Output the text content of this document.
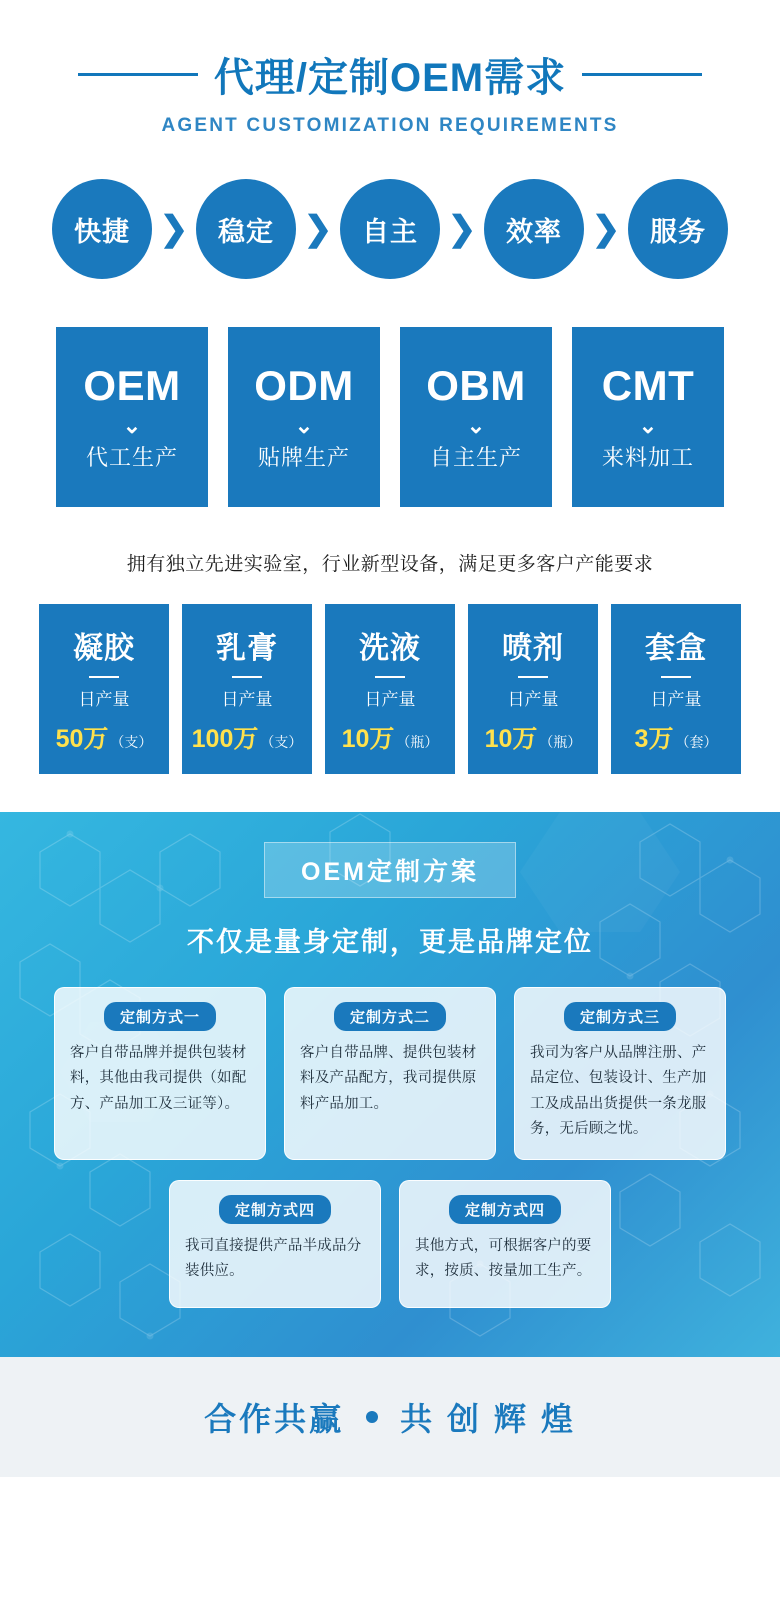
代理/定制OEM需求
AGENT CUSTOMIZATION REQUIREMENTS
快捷 ❯	稳定 ❯	自主 ❯	效率 ❯	服务
OEM
⌄
代工生产
ODM
⌄
贴牌生产
OBM
⌄
自主生产
CMT
⌄
来料加工
拥有独立先进实验室，行业新型设备，满足更多客户产能要求
凝胶
日产量
50万 （支）
乳膏
日产量
100万 （支）
洗液
日产量
10万 （瓶）
喷剂
日产量
10万 （瓶）
套盒
日产量
3万 （套）
OEM定制方案
不仅是量身定制，更是品牌定位
定制方式一
客户自带品牌并提供包装材料，其他由我司提供（如配方、产品加工及三证等）。
定制方式二
客户自带品牌、提供包装材料及产品配方，我司提供原料产品加工。
定制方式三
我司为客户从品牌注册、产品定位、包装设计、生产加工及成品出货提供一条龙服务，无后顾之忧。
定制方式四
我司直接提供产品半成品分装供应。
定制方式四
其他方式，可根据客户的要求，按质、按量加工生产。
合作共赢 共 创 辉 煌
